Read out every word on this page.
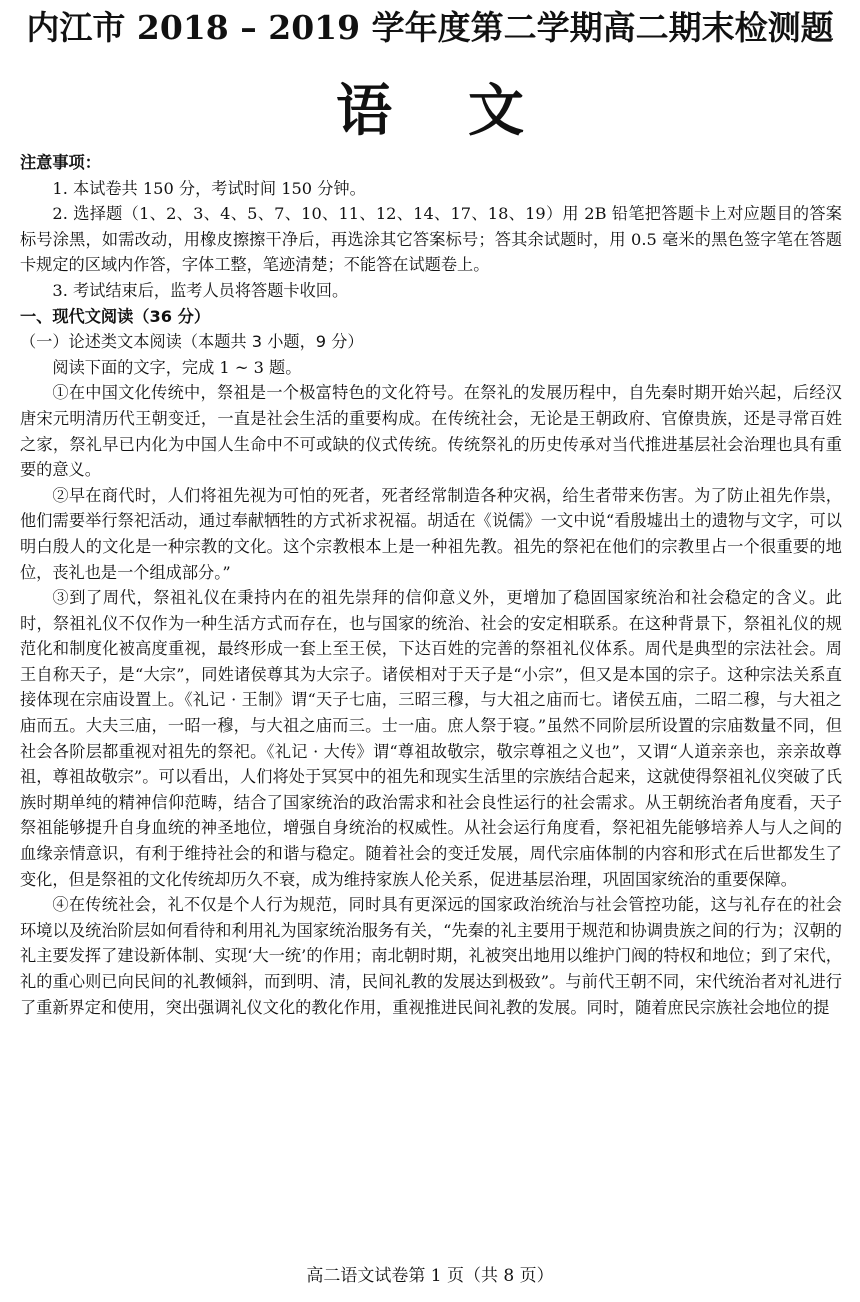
内江市 2018 – 2019 学年度第二学期高二期末检测题
语 文

注意事项：

1. 本试卷共 150 分，考试时间 150 分钟。

2. 选择题（1、2、3、4、5、7、10、11、12、14、17、18、19）用 2B 铅笔把答题卡上对应题目的答案标号涂黑，如需改动，用橡皮擦擦干净后，再选涂其它答案标号；答其余试题时，用 0.5 毫米的黑色签字笔在答题卡规定的区域内作答，字体工整，笔迹清楚；不能答在试题卷上。

3. 考试结束后，监考人员将答题卡收回。

一、现代文阅读（36 分）

（一）论述类文本阅读（本题共 3 小题，9 分）

阅读下面的文字，完成 1 ~ 3 题。

①在中国文化传统中，祭祖是一个极富特色的文化符号。在祭礼的发展历程中，自先秦时期开始兴起，后经汉唐宋元明清历代王朝变迁，一直是社会生活的重要构成。在传统社会，无论是王朝政府、官僚贵族，还是寻常百姓之家，祭礼早已内化为中国人生命中不可或缺的仪式传统。传统祭礼的历史传承对当代推进基层社会治理也具有重要的意义。

②早在商代时，人们将祖先视为可怕的死者，死者经常制造各种灾祸，给生者带来伤害。为了防止祖先作祟，他们需要举行祭祀活动，通过奉献牺牲的方式祈求祝福。胡适在《说儒》一文中说“看殷墟出土的遗物与文字，可以明白殷人的文化是一种宗教的文化。这个宗教根本上是一种祖先教。祖先的祭祀在他们的宗教里占一个很重要的地位，丧礼也是一个组成部分。”

③到了周代，祭祖礼仪在秉持内在的祖先崇拜的信仰意义外，更增加了稳固国家统治和社会稳定的含义。此时，祭祖礼仪不仅作为一种生活方式而存在，也与国家的统治、社会的安定相联系。在这种背景下，祭祖礼仪的规范化和制度化被高度重视，最终形成一套上至王侯，下达百姓的完善的祭祖礼仪体系。周代是典型的宗法社会。周王自称天子，是“大宗”，同姓诸侯尊其为大宗子。诸侯相对于天子是“小宗”，但又是本国的宗子。这种宗法关系直接体现在宗庙设置上。《礼记 · 王制》谓“天子七庙，三昭三穆，与大祖之庙而七。诸侯五庙，二昭二穆，与大祖之庙而五。大夫三庙，一昭一穆，与大祖之庙而三。士一庙。庶人祭于寝。”虽然不同阶层所设置的宗庙数量不同，但社会各阶层都重视对祖先的祭祀。《礼记 · 大传》谓“尊祖故敬宗，敬宗尊祖之义也”，又谓“人道亲亲也，亲亲故尊祖，尊祖故敬宗”。可以看出，人们将处于冥冥中的祖先和现实生活里的宗族结合起来，这就使得祭祖礼仪突破了氏族时期单纯的精神信仰范畴，结合了国家统治的政治需求和社会良性运行的社会需求。从王朝统治者角度看，天子祭祖能够提升自身血统的神圣地位，增强自身统治的权威性。从社会运行角度看，祭祀祖先能够培养人与人之间的血缘亲情意识，有利于维持社会的和谐与稳定。随着社会的变迁发展，周代宗庙体制的内容和形式在后世都发生了变化，但是祭祖的文化传统却历久不衰，成为维持家族人伦关系，促进基层治理，巩固国家统治的重要保障。

④在传统社会，礼不仅是个人行为规范，同时具有更深远的国家政治统治与社会管控功能，这与礼存在的社会环境以及统治阶层如何看待和利用礼为国家统治服务有关，“先秦的礼主要用于规范和协调贵族之间的行为；汉朝的礼主要发挥了建设新体制、实现‘大一统’的作用；南北朝时期，礼被突出地用以维护门阀的特权和地位；到了宋代，礼的重心则已向民间的礼教倾斜，而到明、清，民间礼教的发展达到极致”。与前代王朝不同，宋代统治者对礼进行了重新界定和使用，突出强调礼仪文化的教化作用，重视推进民间礼教的发展。同时，随着庶民宗族社会地位的提

高二语文试卷第 1 页（共 8 页）
